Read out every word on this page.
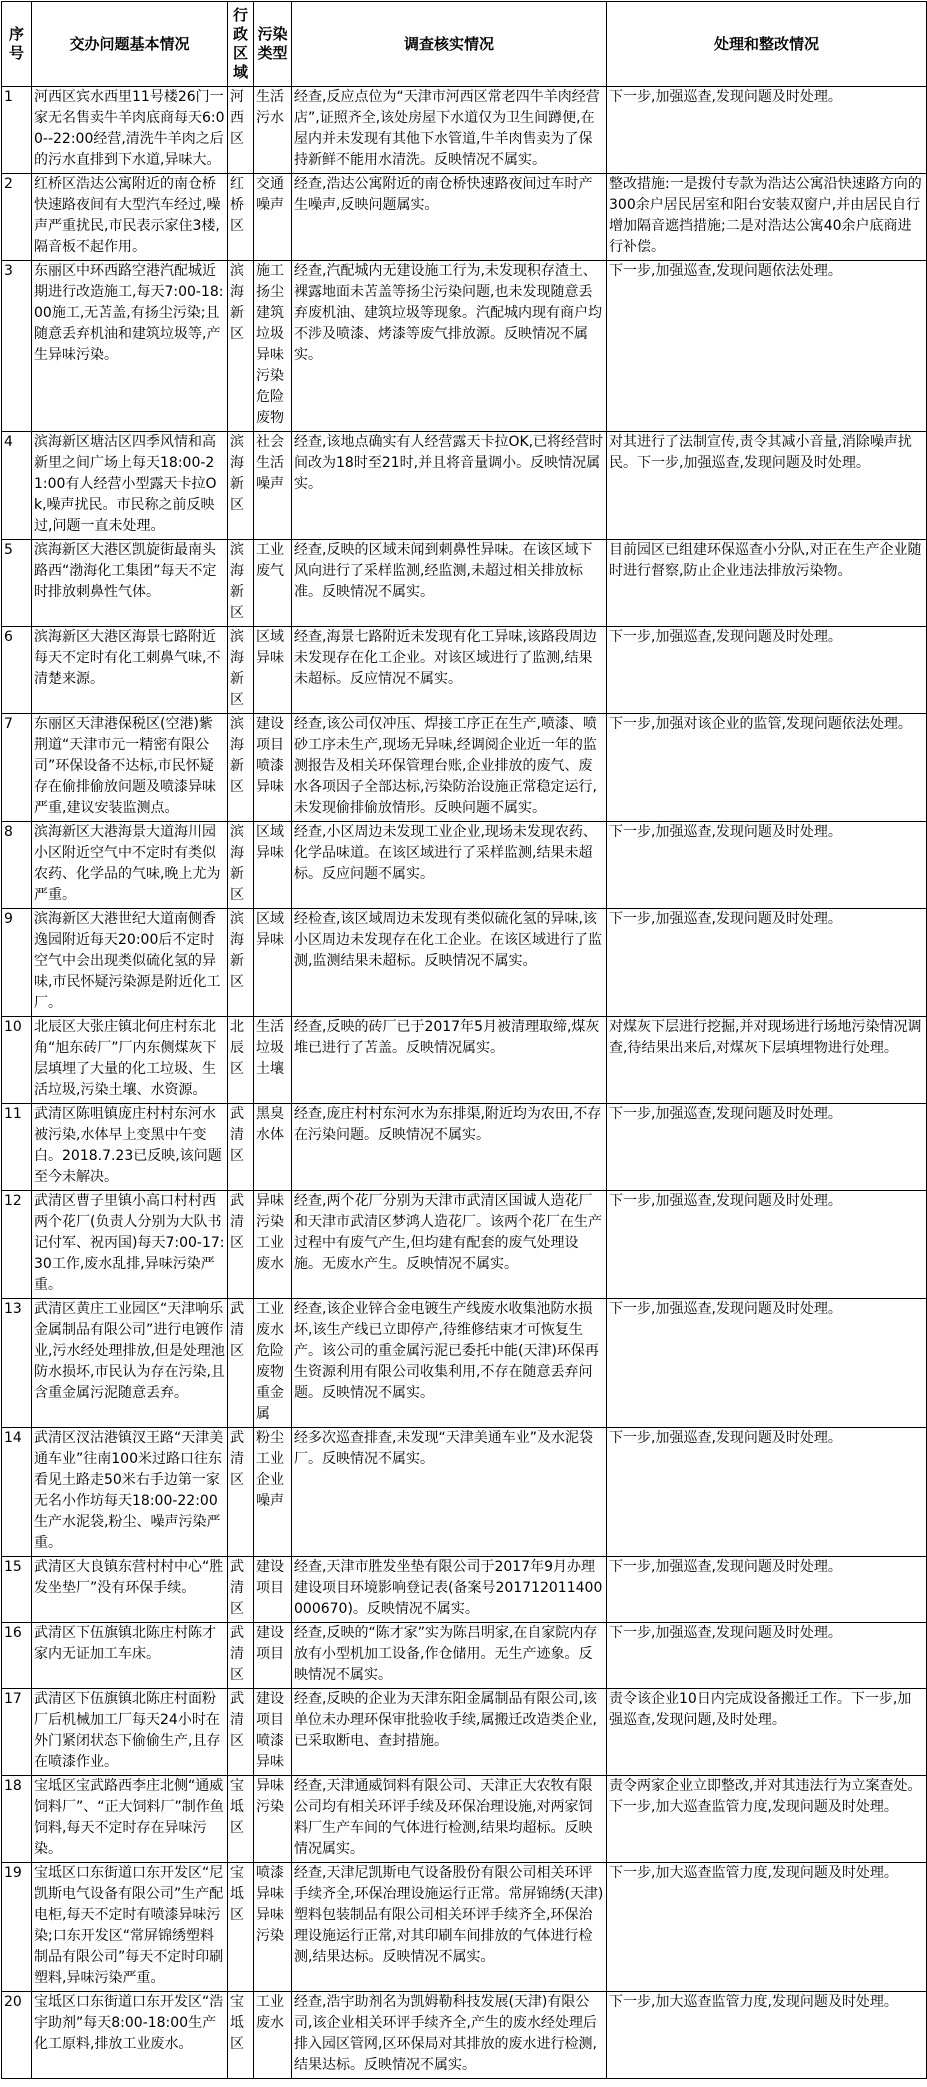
序号	交办问题基本情况	行政区域	污染类型	调查核实情况	处理和整改情况
1	河西区宾水西里11号楼26门一家无名售卖牛羊肉底商每天6:00--22:00经营,清洗牛羊肉之后的污水直排到下水道,异味大。	河西区	生活污水	经查,反应点位为“天津市河西区常老四牛羊肉经营店”,证照齐全,该处房屋下水道仅为卫生间蹲便,在屋内并未发现有其他下水管道,牛羊肉售卖为了保持新鲜不能用水清洗。反映情况不属实。	下一步,加强巡查,发现问题及时处理。
2	红桥区浩达公寓附近的南仓桥快速路夜间有大型汽车经过,噪声严重扰民,市民表示家住3楼,隔音板不起作用。	红桥区	交通噪声	经查,浩达公寓附近的南仓桥快速路夜间过车时产生噪声,反映问题属实。	整改措施:一是拨付专款为浩达公寓沿快速路方向的300余户居民居室和阳台安装双窗户,并由居民自行增加隔音遮挡措施;二是对浩达公寓40余户底商进行补偿。
3	东丽区中环西路空港汽配城近期进行改造施工,每天7:00-18:00施工,无苫盖,有扬尘污染;且随意丢弃机油和建筑垃圾等,产生异味污染。	滨海新区	施工扬尘建筑垃圾异味污染危险废物	经查,汽配城内无建设施工行为,未发现积存渣土、裸露地面未苫盖等扬尘污染问题,也未发现随意丢弃废机油、建筑垃圾等现象。汽配城内现有商户均不涉及喷漆、烤漆等废气排放源。反映情况不属实。	下一步,加强巡查,发现问题依法处理。
4	滨海新区塘沽区四季风情和高新里之间广场上每天18:00-21:00有人经营小型露天卡拉Ok,噪声扰民。市民称之前反映过,问题一直未处理。	滨海新区	社会生活噪声	经查,该地点确实有人经营露天卡拉OK,已将经营时间改为18时至21时,并且将音量调小。反映情况属实。	对其进行了法制宣传,责令其减小音量,消除噪声扰民。下一步,加强巡查,发现问题及时处理。
5	滨海新区大港区凯旋街最南头路西“渤海化工集团”每天不定时排放刺鼻性气体。	滨海新区	工业废气	经查,反映的区域未闻到刺鼻性异味。在该区域下风向进行了采样监测,经监测,未超过相关排放标准。反映情况不属实。	目前园区已组建环保巡查小分队,对正在生产企业随时进行督察,防止企业违法排放污染物。
6	滨海新区大港区海景七路附近每天不定时有化工刺鼻气味,不清楚来源。	滨海新区	区域异味	经查,海景七路附近未发现有化工异味,该路段周边未发现存在化工企业。对该区域进行了监测,结果未超标。反应情况不属实。	下一步,加强巡查,发现问题及时处理。
7	东丽区天津港保税区(空港)紫荆道“天津市元一精密有限公司”环保设备不达标,市民怀疑存在偷排偷放问题及喷漆异味严重,建议安装监测点。	滨海新区	建设项目喷漆异味	经查,该公司仅冲压、焊接工序正在生产,喷漆、喷砂工序未生产,现场无异味,经调阅企业近一年的监测报告及相关环保管理台账,企业排放的废气、废水各项因子全部达标,污染防治设施正常稳定运行,未发现偷排偷放情形。反映问题不属实。	下一步,加强对该企业的监管,发现问题依法处理。
8	滨海新区大港海景大道海川园小区附近空气中不定时有类似农药、化学品的气味,晚上尤为严重。	滨海新区	区域异味	经查,小区周边未发现工业企业,现场未发现农药、化学品味道。在该区域进行了采样监测,结果未超标。反应问题不属实。	下一步,加强巡查,发现问题及时处理。
9	滨海新区大港世纪大道南侧香逸园附近每天20:00后不定时空气中会出现类似硫化氢的异味,市民怀疑污染源是附近化工厂。	滨海新区	区域异味	经检查,该区域周边未发现有类似硫化氢的异味,该小区周边未发现存在化工企业。在该区域进行了监测,监测结果未超标。反映情况不属实。	下一步,加强巡查,发现问题及时处理。
10	北辰区大张庄镇北何庄村东北角“旭东砖厂”厂内东侧煤灰下层填埋了大量的化工垃圾、生活垃圾,污染土壤、水资源。	北辰区	生活垃圾土壤	经查,反映的砖厂已于2017年5月被清理取缔,煤灰堆已进行了苫盖。反映情况属实。	对煤灰下层进行挖掘,并对现场进行场地污染情况调查,待结果出来后,对煤灰下层填埋物进行处理。
11	武清区陈咀镇庞庄村村东河水被污染,水体早上变黑中午变白。2018.7.23已反映,该问题至今未解决。	武清区	黑臭水体	经查,庞庄村村东河水为东排渠,附近均为农田,不存在污染问题。反映情况不属实。	下一步,加强巡查,发现问题及时处理。
12	武清区曹子里镇小高口村村西两个花厂(负责人分别为大队书记付军、祝丙国)每天7:00-17:30工作,废水乱排,异味污染严重。	武清区	异味污染工业废水	经查,两个花厂分别为天津市武清区国诚人造花厂和天津市武清区梦鸿人造花厂。该两个花厂在生产过程中有废气产生,但均建有配套的废气处理设施。无废水产生。反映情况不属实。	下一步,加强巡查,发现问题及时处理。
13	武清区黄庄工业园区“天津响乐金属制品有限公司”进行电镀作业,污水经处理排放,但是处理池防水损坏,市民认为存在污染,且含重金属污泥随意丢弃。	武清区	工业废水危险废物重金属	经查,该企业锌合金电镀生产线废水收集池防水损坏,该生产线已立即停产,待维修结束才可恢复生产。该公司的重金属污泥已委托中能(天津)环保再生资源利用有限公司收集利用,不存在随意丢弃问题。反映情况不属实。	下一步,加强巡查,发现问题及时处理。
14	武清区汊沽港镇汊王路“天津美通车业”往南100米过路口往东看见土路走50米右手边第一家无名小作坊每天18:00-22:00生产水泥袋,粉尘、噪声污染严重。	武清区	粉尘工业企业噪声	经多次巡查排查,未发现“天津美通车业”及水泥袋厂。反映情况不属实。	下一步,加强巡查,发现问题及时处理。
15	武清区大良镇东营村村中心“胜发坐垫厂”没有环保手续。	武清区	建设项目	经查,天津市胜发坐垫有限公司于2017年9月办理建设项目环境影响登记表(备案号201712011400000670)。反映情况不属实。	下一步,加强巡查,发现问题及时处理。
16	武清区下伍旗镇北陈庄村陈才家内无证加工车床。	武清区	建设项目	经查,反映的“陈才家”实为陈吕明家,在自家院内存放有小型机加工设备,作仓储用。无生产迹象。反映情况不属实。	下一步,加强巡查,发现问题及时处理。
17	武清区下伍旗镇北陈庄村面粉厂后机械加工厂每天24小时在外门紧闭状态下偷偷生产,且存在喷漆作业。	武清区	建设项目喷漆异味	经查,反映的企业为天津东阳金属制品有限公司,该单位未办理环保审批验收手续,属搬迁改造类企业,已采取断电、查封措施。	责令该企业10日内完成设备搬迁工作。下一步,加强巡查,发现问题,及时处理。
18	宝坻区宝武路西李庄北侧“通威饲料厂”、“正大饲料厂”制作鱼饲料,每天不定时存在异味污染。	宝坻区	异味污染	经查,天津通威饲料有限公司、天津正大农牧有限公司均有相关环评手续及环保冶理设施,对两家饲料厂生产车间的气体进行检测,结果均超标。反映情况属实。	责令两家企业立即整改,并对其违法行为立案查处。下一步,加大巡查监管力度,发现问题及时处理。
19	宝坻区口东街道口东开发区“尼凯斯电气设备有限公司”生产配电柜,每天不定时有喷漆异味污染;口东开发区“常屏锦绣塑料制品有限公司”每天不定时印刷塑料,异味污染严重。	宝坻区	喷漆异味异味污染	经查,天津尼凯斯电气设备股份有限公司相关环评手续齐全,环保冶理设施运行正常。常屏锦绣(天津)塑料包装制品有限公司相关环评手续齐全,环保治理设施运行正常,对其印刷车间排放的气体进行检测,结果达标。反映情况不属实。	下一步,加大巡查监管力度,发现问题及时处理。
20	宝坻区口东街道口东开发区“浩宇助剂”每天8:00-18:00生产化工原料,排放工业废水。	宝坻区	工业废水	经查,浩宇助剂名为凯姆勒科技发展(天津)有限公司,该企业相关环评手续齐全,产生的废水经处理后排入园区管网,区环保局对其排放的废水进行检测,结果达标。反映情况不属实。	下一步,加大巡查监管力度,发现问题及时处理。
